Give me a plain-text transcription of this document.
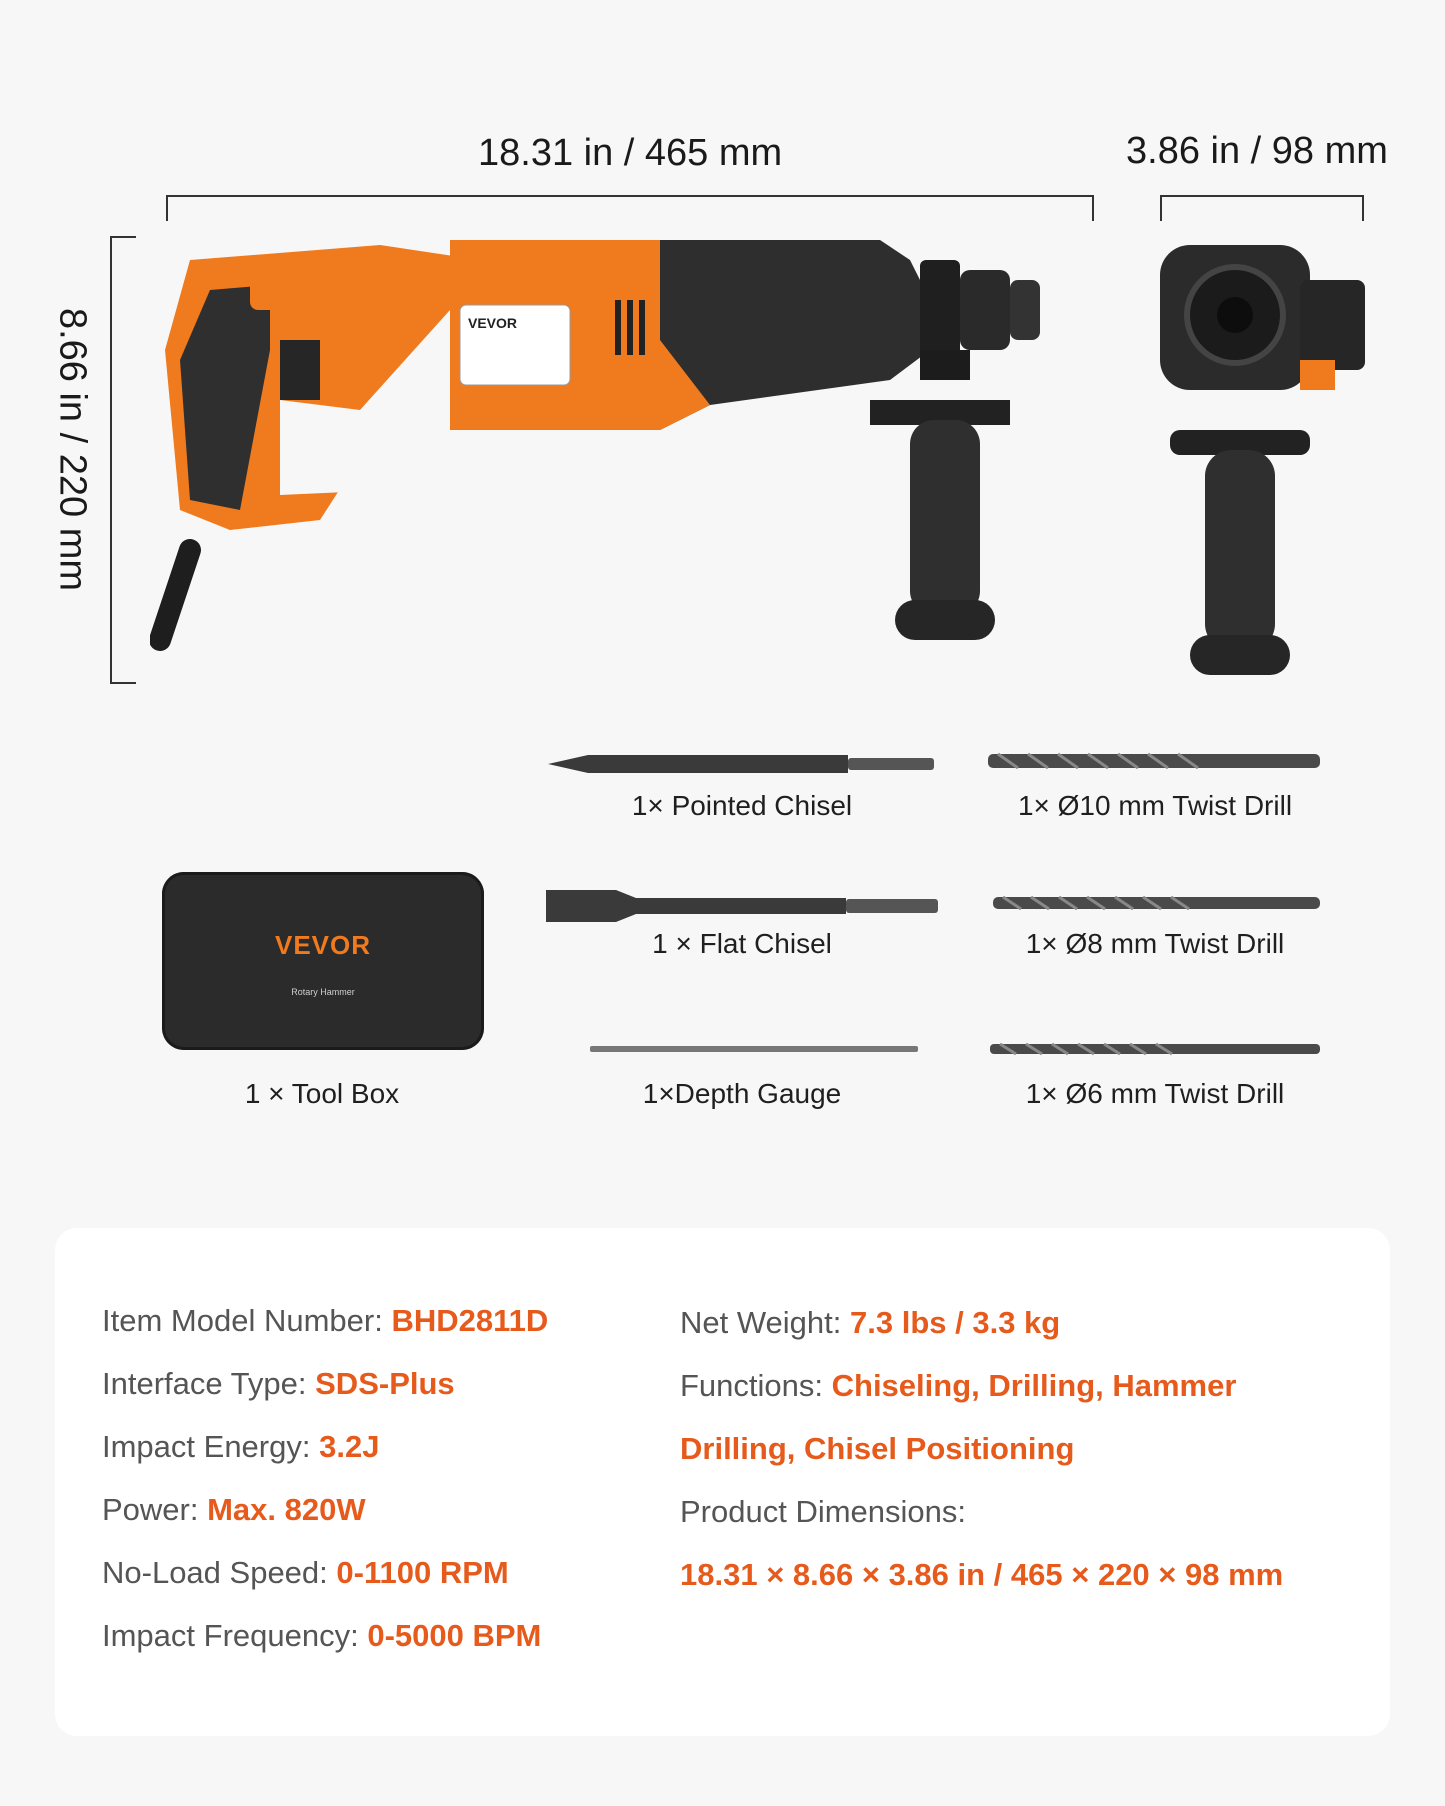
18.31 in / 465 mm	3.86 in / 98 mm
8.66 in / 220 mm	VEVOR
1× Pointed Chisel	1× Ø10 mm Twist Drill
1 × Flat Chisel	1× Ø8 mm Twist Drill
1×Depth Gauge	1× Ø6 mm Twist Drill
VEVOR
Rotary Hammer
1 × Tool Box
Item Model Number: BHD2811D
Interface Type: SDS-Plus
Impact Energy: 3.2J
Power: Max. 820W
No-Load Speed: 0-1100 RPM
Impact Frequency: 0-5000 BPM
Net Weight: 7.3 lbs / 3.3 kg
Functions: Chiseling, Drilling, Hammer
Drilling, Chisel Positioning
Product Dimensions:
18.31 × 8.66 × 3.86 in / 465 × 220 × 98 mm
